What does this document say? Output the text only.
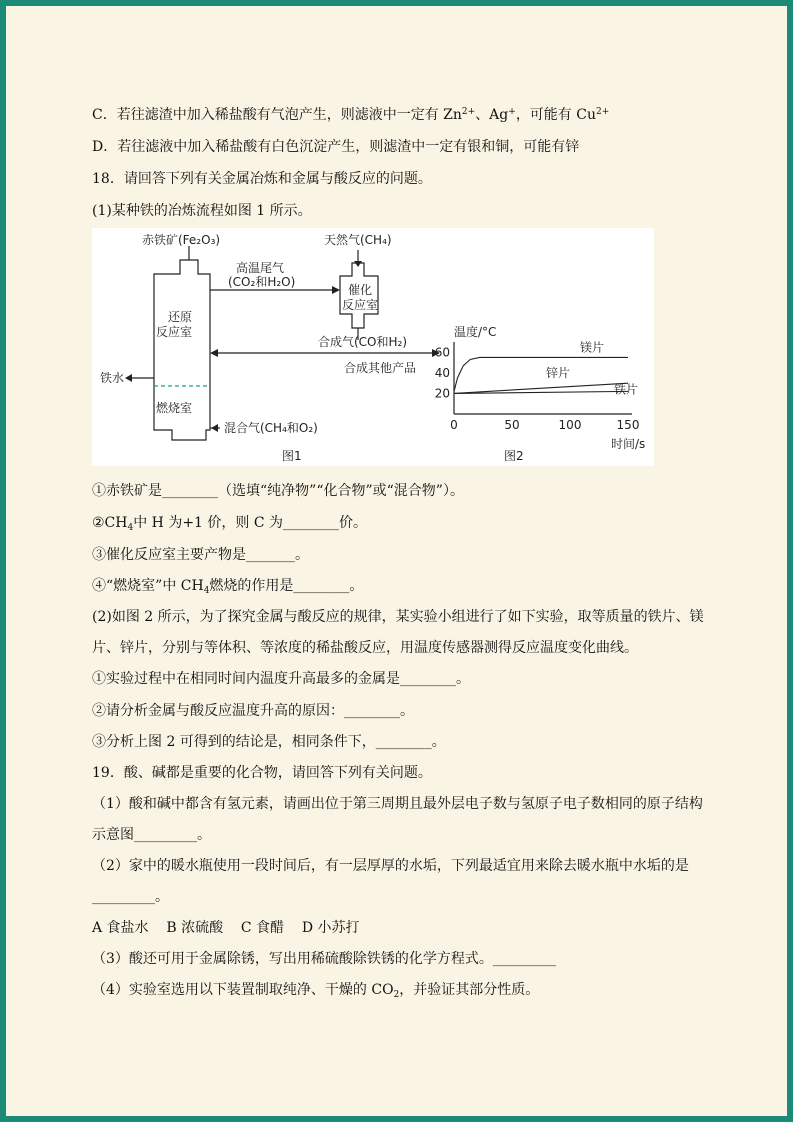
C．若往滤渣中加入稀盐酸有气泡产生，则滤液中一定有 $Zn^{2+}$、Ag+，可能有 $Cu^{2+}$

D．若往滤液中加入稀盐酸有白色沉淀产生，则滤渣中一定有银和铜，可能有锌

18．请回答下列有关金属冶炼和金属与酸反应的问题。

(1)某种铁的冶炼流程如图 1 所示。

赤铁矿(Fe₂O₃)	天然气(CH₄)
高温尾气
(CO₂和H₂O)
催化
反应室
还原
反应室
合成气(CO和H₂)
合成其他产品
铁水
燃烧室
混合气(CH₄和O₂)
图1
温度/°C
时间/s
图2
0	50	100	150
20
40
60	镁片
锌片
铁片

①赤铁矿是________（选填“纯净物”“化合物”或“混合物”）。

$②CH_4$中 H 为+1 价，则 C 为________价。

③催化反应室主要产物是_______。

④“燃烧室”中 $CH_4$燃烧的作用是________。

(2)如图 2 所示，为了探究金属与酸反应的规律，某实验小组进行了如下实验，取等质量的铁片、镁

片、锌片，分别与等体积、等浓度的稀盐酸反应，用温度传感器测得反应温度变化曲线。

①实验过程中在相同时间内温度升高最多的金属是________。

②请分析金属与酸反应温度升高的原因：________。

③分析上图 2 可得到的结论是，相同条件下，________。

19．酸、碱都是重要的化合物，请回答下列有关问题。

（1）酸和碱中都含有氢元素，请画出位于第三周期且最外层电子数与氢原子电子数相同的原子结构

示意图_________。

（2）家中的暖水瓶使用一段时间后，有一层厚厚的水垢，下列最适宜用来除去暖水瓶中水垢的是

_________。

A 食盐水    B 浓硫酸    C 食醋    D 小苏打

（3）酸还可用于金属除锈，写出用稀硫酸除铁锈的化学方程式。_________

（4）实验室选用以下装置制取纯净、干燥的 $CO_2$，并验证其部分性质。
